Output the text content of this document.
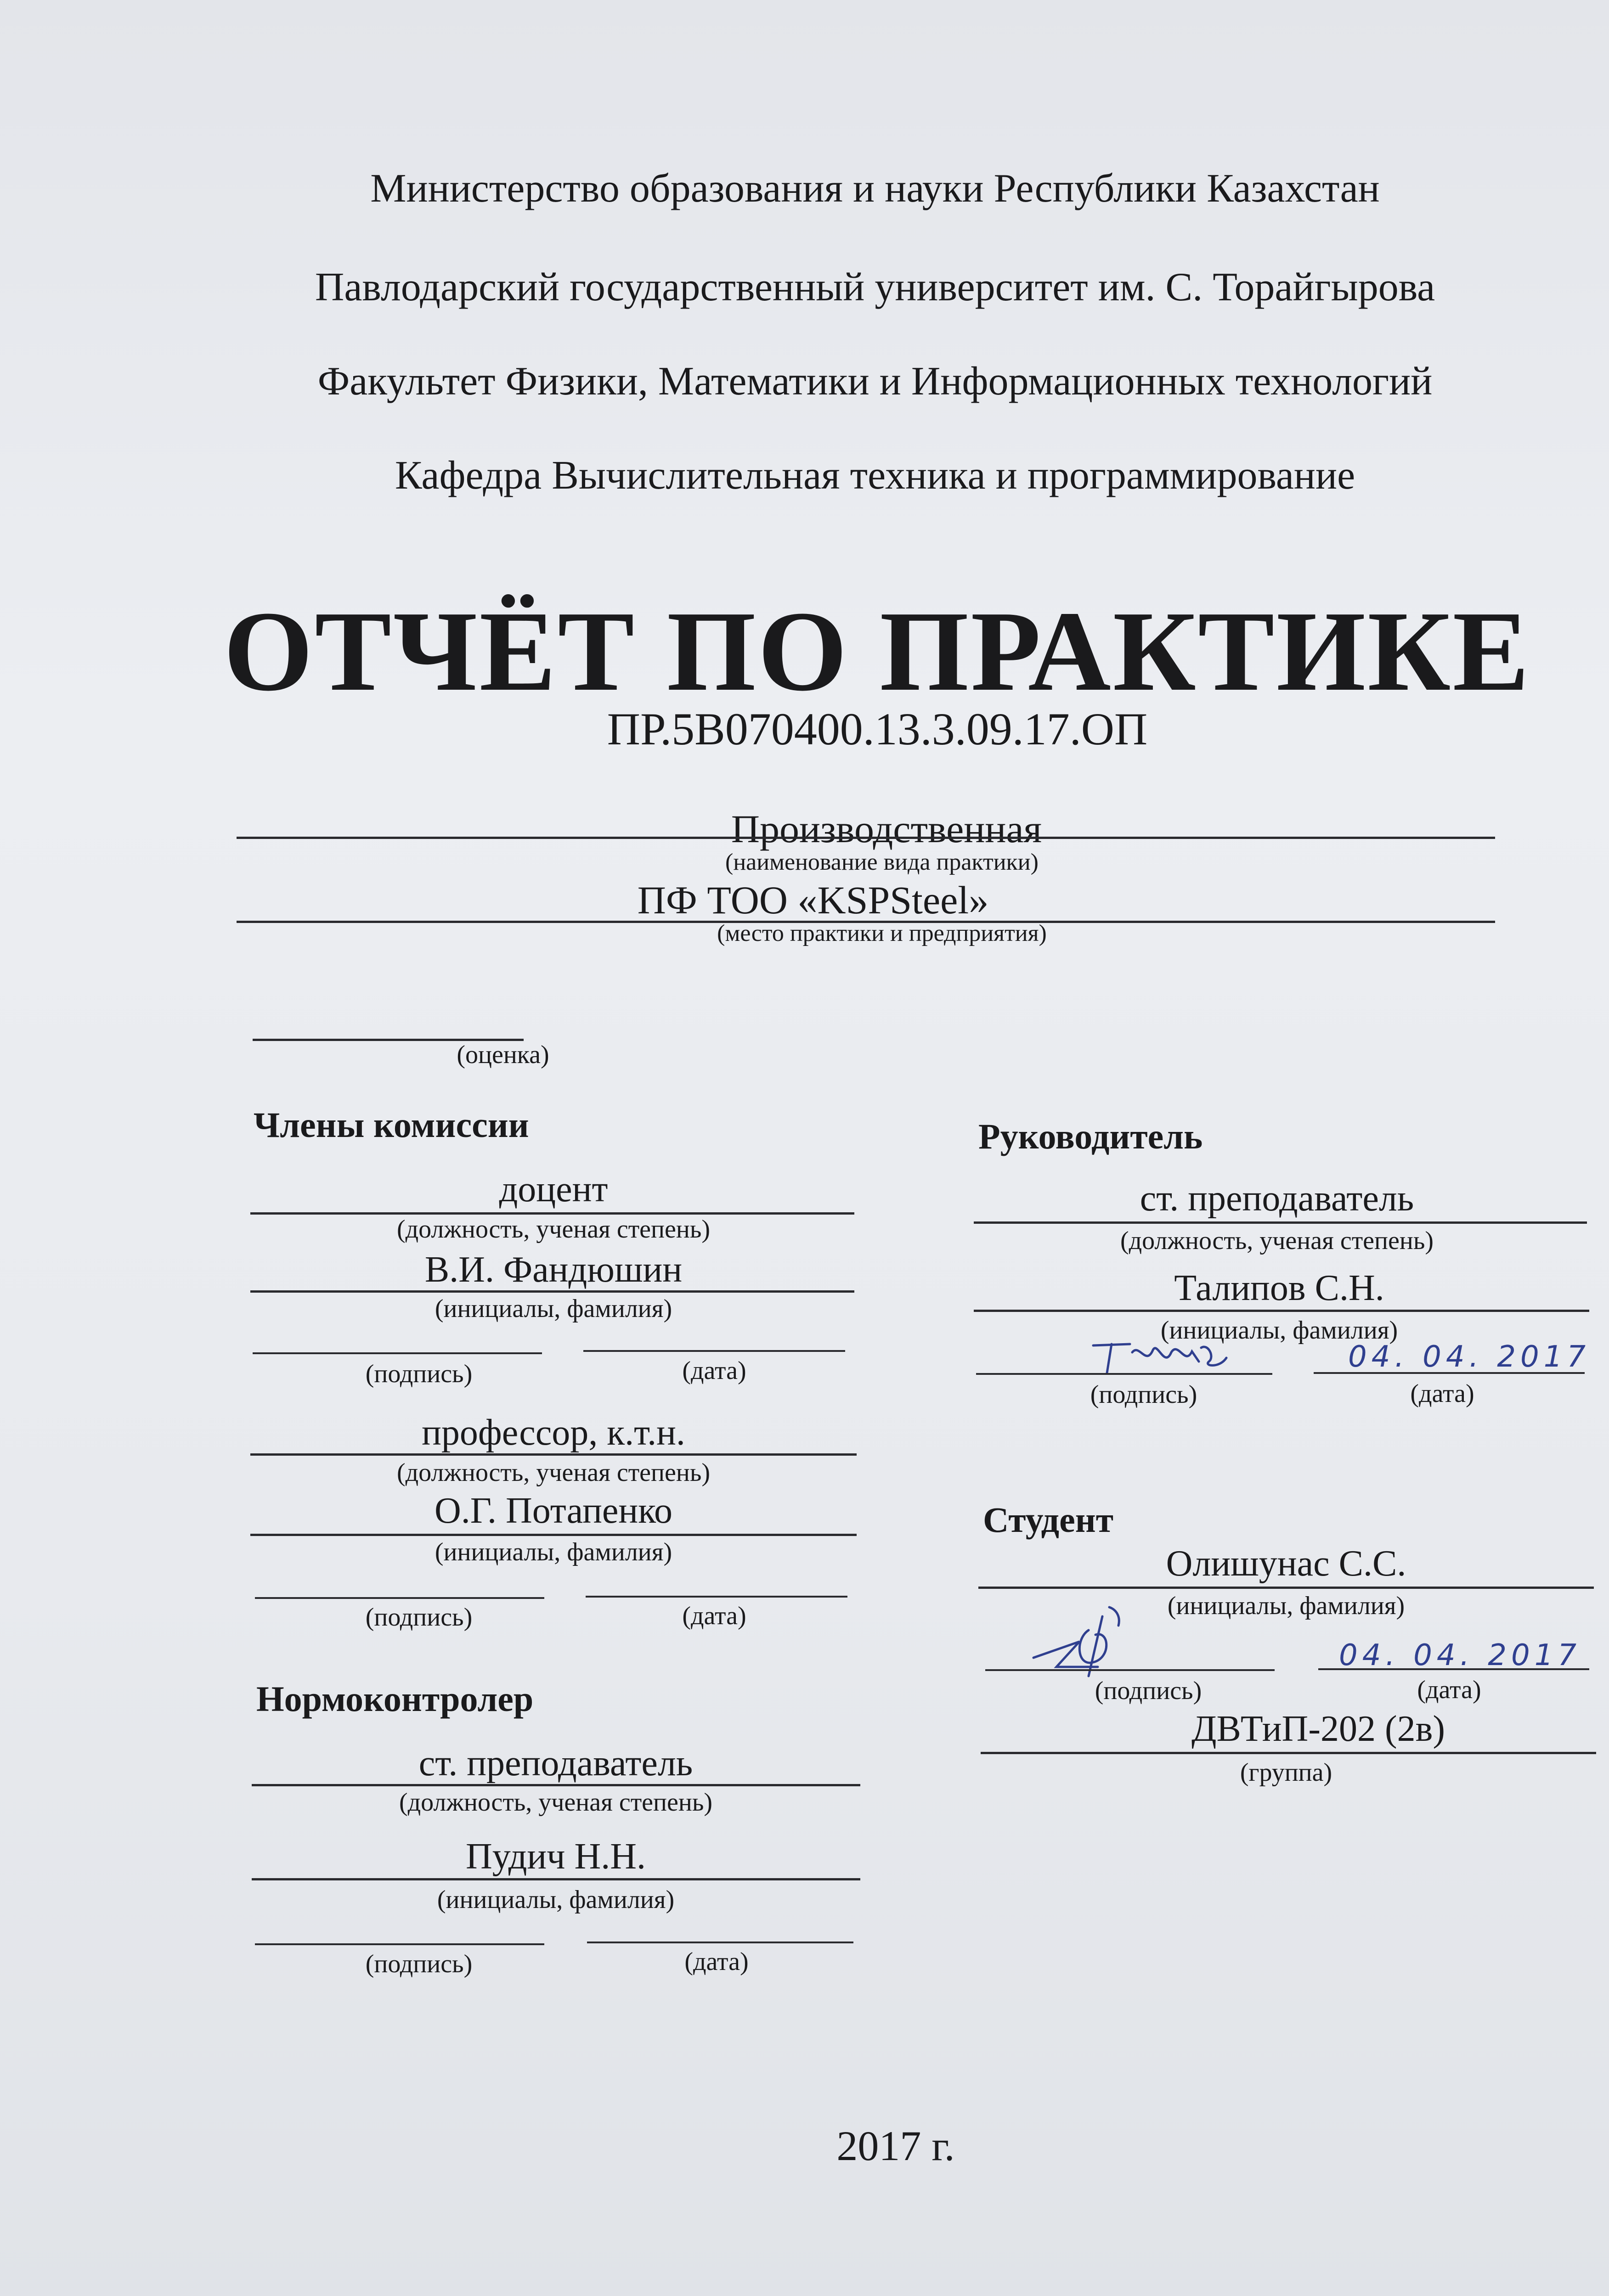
Министерство образования и науки Республики Казахстан
Павлодарский государственный университет им. С. Торайгырова
Факультет Физики, Математики и Информационных технологий
Кафедра Вычислительная техника и программирование
ОТЧЁТ ПО ПРАКТИКЕ
ПР.5В070400.13.3.09.17.ОП
Производственная
(наименование вида практики)
ПФ ТОО «KSPSteel»
(место практики и предприятия)
(оценка)
Члены комиссии
доцент
(должность, ученая степень)
В.И. Фандюшин
(инициалы, фамилия)
(подпись)	(дата)
профессор, к.т.н.
(должность, ученая степень)
О.Г. Потапенко
(инициалы, фамилия)
(подпись)	(дата)
Нормоконтролер
ст. преподаватель
(должность, ученая степень)
Пудич Н.Н.
(инициалы, фамилия)
(подпись)	(дата)
Руководитель
ст. преподаватель
(должность, ученая степень)
Талипов С.Н.
(инициалы, фамилия)
04. 04. 2017
(подпись)	(дата)
Студент
Олишунас С.С.
(инициалы, фамилия)
04. 04. 2017
(подпись)	(дата)
ДВТиП-202 (2в)
(группа)
2017 г.
